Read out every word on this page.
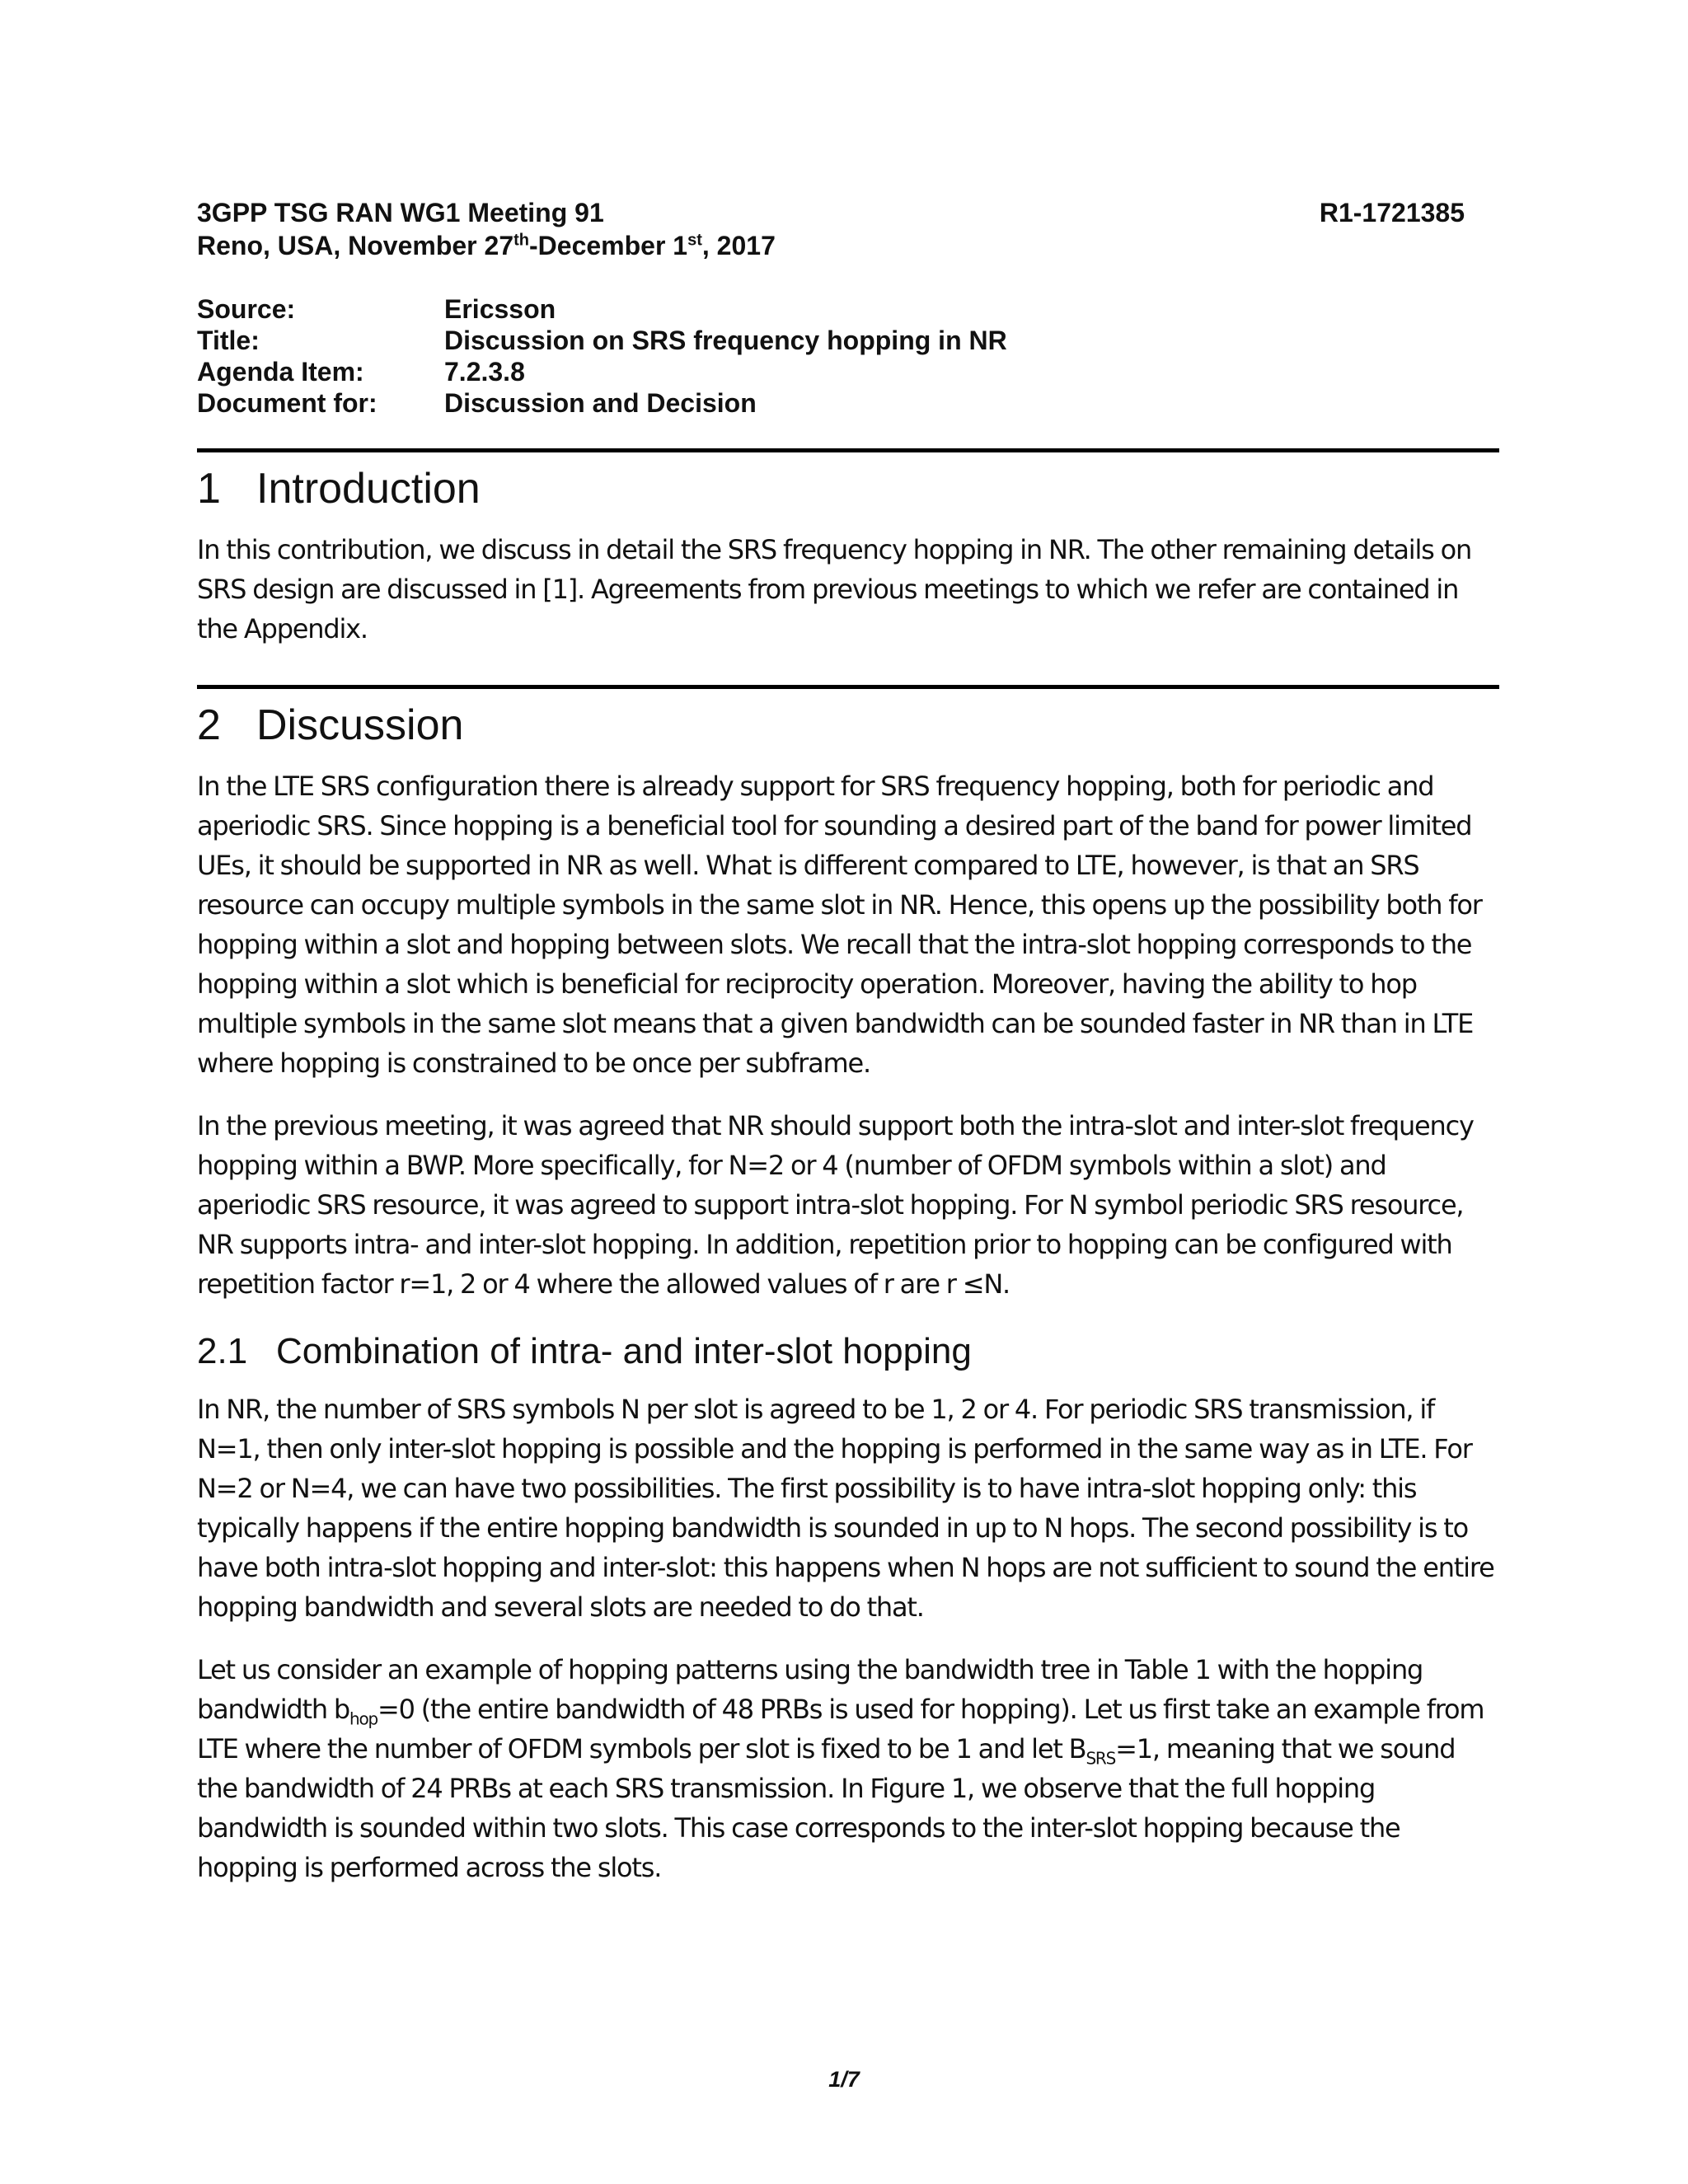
3GPP TSG RAN WG1 Meeting 91	R1-1721385
Reno, USA, November 27th-December 1st, 2017
Source:	Ericsson
Title:	Discussion on SRS frequency hopping in NR
Agenda Item:	7.2.3.8
Document for:	Discussion and Decision
1 Introduction

In this contribution, we discuss in detail the SRS frequency hopping in NR. The other remaining details on SRS design are discussed in [1]. Agreements from previous meetings to which we refer are contained in the Appendix.

2 Discussion

In the LTE SRS configuration there is already support for SRS frequency hopping, both for periodic and aperiodic SRS. Since hopping is a beneficial tool for sounding a desired part of the band for power limited UEs, it should be supported in NR as well. What is different compared to LTE, however, is that an SRS resource can occupy multiple symbols in the same slot in NR. Hence, this opens up the possibility both for hopping within a slot and hopping between slots. We recall that the intra-slot hopping corresponds to the hopping within a slot which is beneficial for reciprocity operation. Moreover, having the ability to hop multiple symbols in the same slot means that a given bandwidth can be sounded faster in NR than in LTE where hopping is constrained to be once per subframe.

In the previous meeting, it was agreed that NR should support both the intra-slot and inter-slot frequency hopping within a BWP. More specifically, for N=2 or 4 (number of OFDM symbols within a slot) and aperiodic SRS resource, it was agreed to support intra-slot hopping. For N symbol periodic SRS resource, NR supports intra- and inter-slot hopping. In addition, repetition prior to hopping can be configured with repetition factor r=1, 2 or 4 where the allowed values of r are r ≤N.

2.1 Combination of intra- and inter-slot hopping

In NR, the number of SRS symbols N per slot is agreed to be 1, 2 or 4. For periodic SRS transmission, if N=1, then only inter-slot hopping is possible and the hopping is performed in the same way as in LTE. For N=2 or N=4, we can have two possibilities. The first possibility is to have intra-slot hopping only: this typically happens if the entire hopping bandwidth is sounded in up to N hops. The second possibility is to have both intra-slot hopping and inter-slot: this happens when N hops are not sufficient to sound the entire hopping bandwidth and several slots are needed to do that.

Let us consider an example of hopping patterns using the bandwidth tree in Table 1 with the hopping bandwidth $b_{hop}=0$ (the entire bandwidth of 48 PRBs is used for hopping). Let us first take an example from LTE where the number of OFDM symbols per slot is fixed to be 1 and let $B_{SRS}=1$, meaning that we sound the bandwidth of 24 PRBs at each SRS transmission. In Figure 1, we observe that the full hopping bandwidth is sounded within two slots. This case corresponds to the inter-slot hopping because the hopping is performed across the slots.

1/7
